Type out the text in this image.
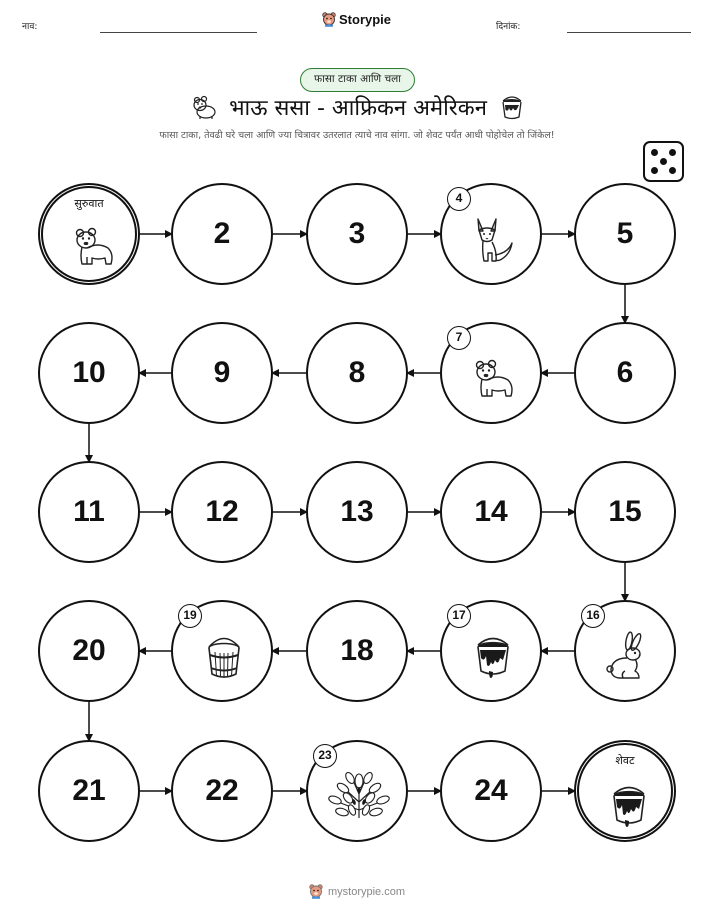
नाव:	Storypie	दिनांक:
फासा टाका आणि चला
भाऊ ससा - आफ्रिकन अमेरिकन
फासा टाका, तेवढी घरे चला आणि ज्या चित्रावर उतरलात त्याचे नाव सांगा. जो शेवट पर्यंत आधी पोहोचेल तो जिंकेल!
सुरुवात
2	3
4
5
6
7
8
9
10
11	12	13	14	15
16
17
18
19
20
21	22
23
24
शेवट
mystorypie.com
